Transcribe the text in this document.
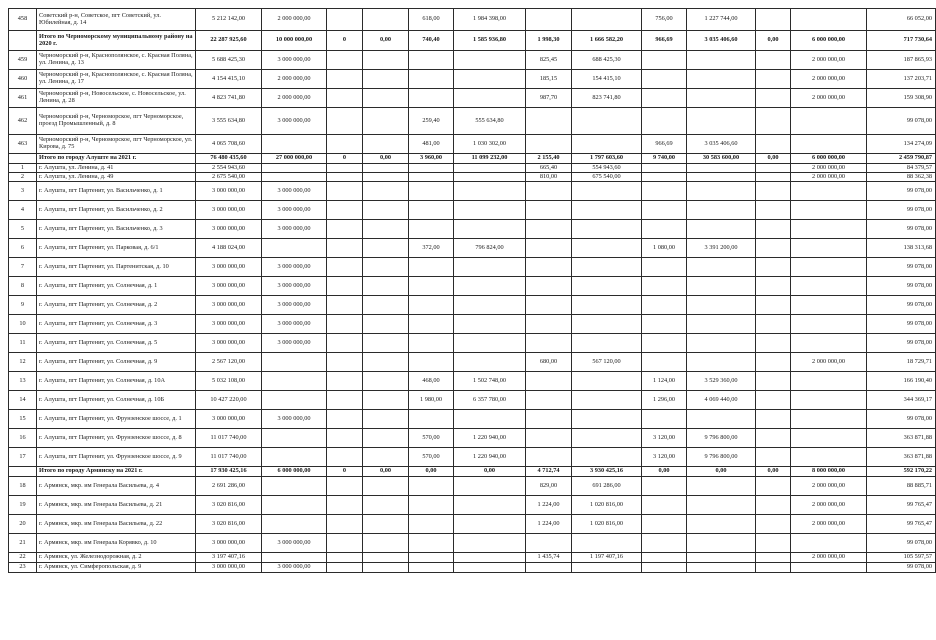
458	Советский р-н, Советское, пгт Советский, ул. Юбилейная, д. 14	5 212 142,00	2 000 000,00			618,00	1 984 398,00			756,00	1 227 744,00			66 052,00
	Итого по Черноморскому муниципальному району на 2020 г.	22 287 925,60	10 000 000,00	0	0,00	740,40	1 585 936,80	1 998,30	1 666 582,20	966,69	3 035 406,60	0,00	6 000 000,00	717 730,64
459	Черноморский р-н, Краснополянское, с. Красная Поляна, ул. Ленина, д. 13	5 688 425,30	3 000 000,00					825,45	688 425,30				2 000 000,00	187 865,93
460	Черноморский р-н, Краснополянское, с. Красная Поляна, ул. Ленина, д. 17	4 154 415,10	2 000 000,00					185,15	154 415,10				2 000 000,00	137 203,71
461	Черноморский р-н, Новосельское, с. Новосельское, ул. Ленина, д. 28	4 823 741,80	2 000 000,00					987,70	823 741,80				2 000 000,00	159 308,90
462	Черноморский р-н, Черноморское, пгт Черноморское, проезд Промышленный, д. 8	3 555 634,80	3 000 000,00			259,40	555 634,80							99 078,00
463	Черноморский р-н, Черноморское, пгт Черноморское, ул. Кирова, д. 75	4 065 708,60				481,00	1 030 302,00			966,69	3 035 406,60			134 274,09
	Итого по городу Алуште на 2021 г.	76 480 435,60	27 000 000,00	0	0,00	3 960,00	11 099 232,00	2 155,40	1 797 603,60	9 740,00	30 583 600,00	0,00	6 000 000,00	2 459 790,87
1	г. Алушта, ул. Ленина, д. 41	2 554 943,60						665,40	554 943,60				2 000 000,00	84 379,57
2	г. Алушта, ул. Ленина, д. 49	2 675 540,00						810,00	675 540,00				2 000 000,00	88 362,38
3	г. Алушта, пгт Партенит, ул. Васильченко, д. 1	3 000 000,00	3 000 000,00											99 078,00
4	г. Алушта, пгт Партенит, ул. Васильченко, д. 2	3 000 000,00	3 000 000,00											99 078,00
5	г. Алушта, пгт Партенит, ул. Васильченко, д. 3	3 000 000,00	3 000 000,00											99 078,00
6	г. Алушта, пгт Партенит, ул. Парковая, д. 6/1	4 188 024,00				372,00	796 824,00			1 080,00	3 391 200,00			138 313,68
7	г. Алушта, пгт Партенит, ул. Партенитская, д. 10	3 000 000,00	3 000 000,00											99 078,00
8	г. Алушта, пгт Партенит, ул. Солнечная, д. 1	3 000 000,00	3 000 000,00											99 078,00
9	г. Алушта, пгт Партенит, ул. Солнечная, д. 2	3 000 000,00	3 000 000,00											99 078,00
10	г. Алушта, пгт Партенит, ул. Солнечная, д. 3	3 000 000,00	3 000 000,00											99 078,00
11	г. Алушта, пгт Партенит, ул. Солнечная, д. 5	3 000 000,00	3 000 000,00											99 078,00
12	г. Алушта, пгт Партенит, ул. Солнечная, д. 9	2 567 120,00						680,00	567 120,00				2 000 000,00	18 729,71
13	г. Алушта, пгт Партенит, ул. Солнечная, д. 10А	5 032 108,00				468,00	1 502 748,00			1 124,00	3 529 360,00			166 190,40
14	г. Алушта, пгт Партенит, ул. Солнечная, д. 10Б	10 427 220,00				1 980,00	6 357 780,00			1 296,00	4 069 440,00			344 369,17
15	г. Алушта, пгт Партенит, ул. Фрунзенское шоссе, д. 1	3 000 000,00	3 000 000,00											99 078,00
16	г. Алушта, пгт Партенит, ул. Фрунзенское шоссе, д. 8	11 017 740,00				570,00	1 220 940,00			3 120,00	9 796 800,00			363 871,88
17	г. Алушта, пгт Партенит, ул. Фрунзенское шоссе, д. 9	11 017 740,00				570,00	1 220 940,00			3 120,00	9 796 800,00			363 871,88
	Итого по городу Армянску на 2021 г.	17 930 425,16	6 000 000,00	0	0,00	0,00	0,00	4 712,74	3 930 425,16	0,00	0,00	0,00	8 000 000,00	592 170,22
18	г. Армянск, мкр. им Генерала Васильева, д. 4	2 691 286,00						829,00	691 286,00				2 000 000,00	88 885,71
19	г. Армянск, мкр. им Генерала Васильева, д. 21	3 020 816,00						1 224,00	1 020 816,00				2 000 000,00	99 765,47
20	г. Армянск, мкр. им Генерала Васильева, д. 22	3 020 816,00						1 224,00	1 020 816,00				2 000 000,00	99 765,47
21	г. Армянск, мкр. им Генерала Корявко, д. 10	3 000 000,00	3 000 000,00											99 078,00
22	г. Армянск, ул. Железнодорожная, д. 2	3 197 407,16						1 435,74	1 197 407,16				2 000 000,00	105 597,57
23	г. Армянск, ул. Симферопольская, д. 9	3 000 000,00	3 000 000,00											99 078,00
